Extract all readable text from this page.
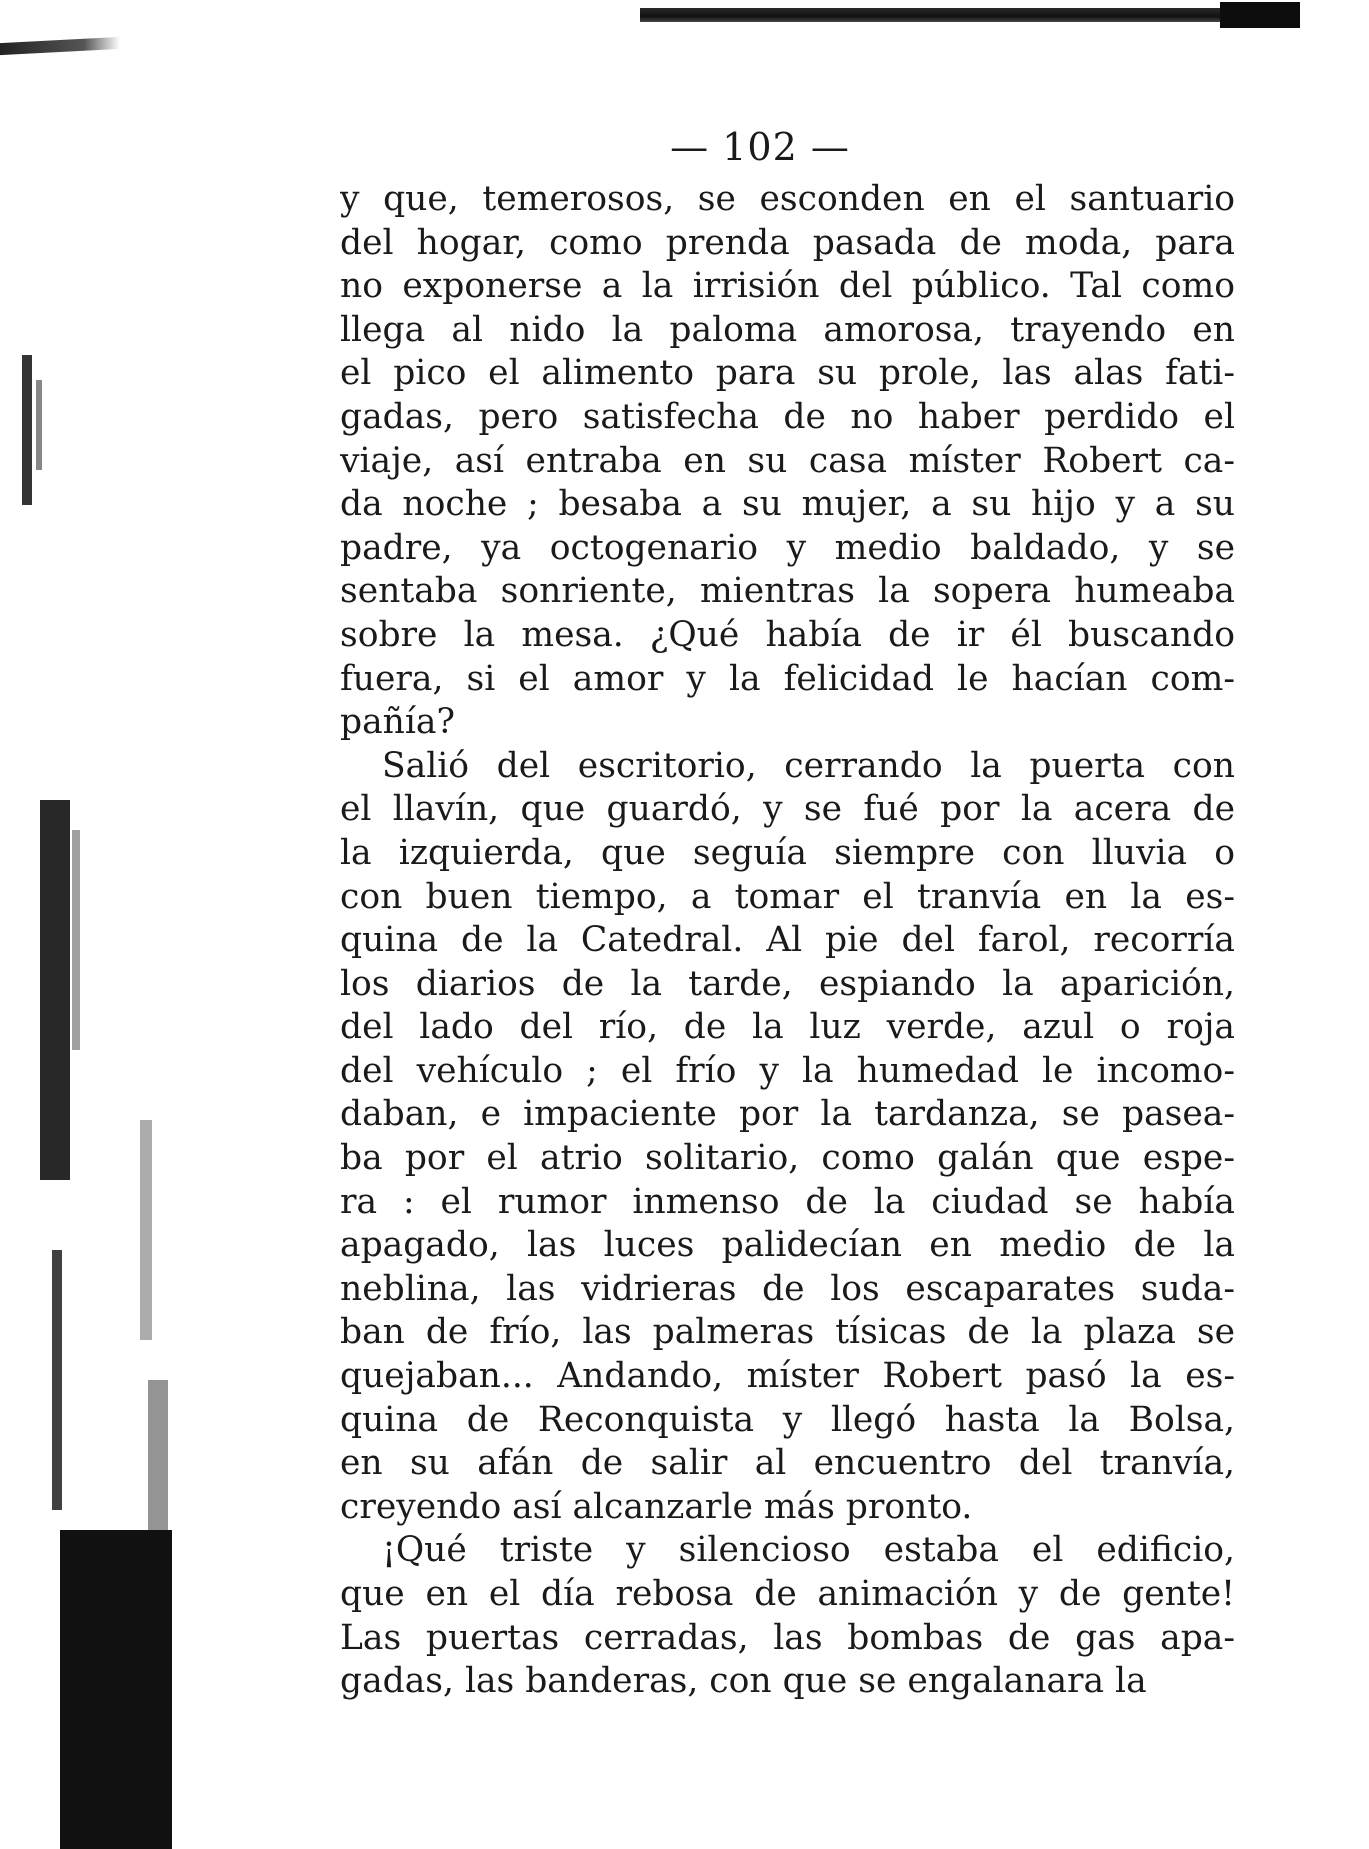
— 102 —
y que, temerosos, se esconden en el santuario
del hogar, como prenda pasada de moda, para
no exponerse a la irrisión del público. Tal como
llega al nido la paloma amorosa, trayendo en
el pico el alimento para su prole, las alas fati-
gadas, pero satisfecha de no haber perdido el
viaje, así entraba en su casa míster Robert ca-
da noche ; besaba a su mujer, a su hijo y a su
padre, ya octogenario y medio baldado, y se
sentaba sonriente, mientras la sopera humeaba
sobre la mesa. ¿Qué había de ir él buscando
fuera, si el amor y la felicidad le hacían com-
pañía?
Salió del escritorio, cerrando la puerta con
el llavín, que guardó, y se fué por la acera de
la izquierda, que seguía siempre con lluvia o
con buen tiempo, a tomar el tranvía en la es-
quina de la Catedral. Al pie del farol, recorría
los diarios de la tarde, espiando la aparición,
del lado del río, de la luz verde, azul o roja
del vehículo ; el frío y la humedad le incomo-
daban, e impaciente por la tardanza, se pasea-
ba por el atrio solitario, como galán que espe-
ra : el rumor inmenso de la ciudad se había
apagado, las luces palidecían en medio de la
neblina, las vidrieras de los escaparates suda-
ban de frío, las palmeras tísicas de la plaza se
quejaban... Andando, míster Robert pasó la es-
quina de Reconquista y llegó hasta la Bolsa,
en su afán de salir al encuentro del tranvía,
creyendo así alcanzarle más pronto.
¡Qué triste y silencioso estaba el edificio,
que en el día rebosa de animación y de gente!
Las puertas cerradas, las bombas de gas apa-
gadas, las banderas, con que se engalanara la
